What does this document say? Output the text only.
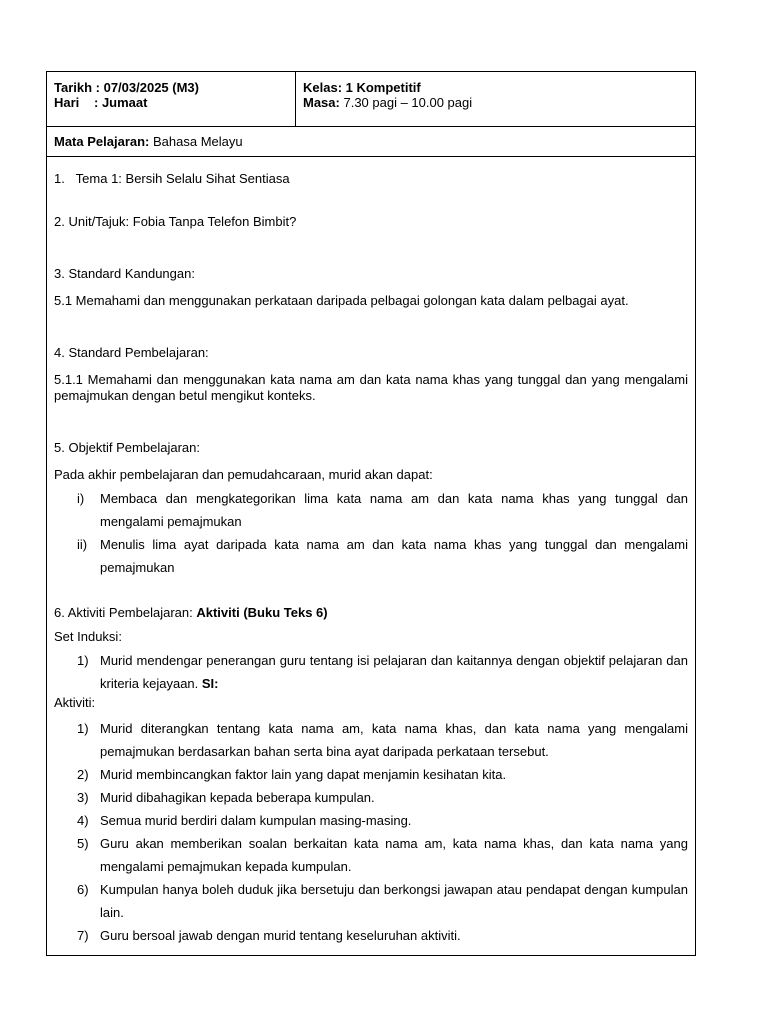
Tarikh : 07/03/2025 (M3)
Hari : Jumaat
Kelas: 1 Kompetitif
Masa: 7.30 pagi – 10.00 pagi
Mata Pelajaran: Bahasa Melayu

1.   Tema 1: Bersih Selalu Sihat Sentiasa

2. Unit/Tajuk: Fobia Tanpa Telefon Bimbit?

3. Standard Kandungan:

5.1 Memahami dan menggunakan perkataan daripada pelbagai golongan kata dalam pelbagai ayat.

4. Standard Pembelajaran:

5.1.1 Memahami dan menggunakan kata nama am dan kata nama khas yang tunggal dan yang mengalami pemajmukan dengan betul mengikut konteks.

5. Objektif Pembelajaran:

Pada akhir pembelajaran dan pemudahcaraan, murid akan dapat:

i)	Membaca dan mengkategorikan lima kata nama am dan kata nama khas yang tunggal dan mengalami pemajmukan
ii) Menulis lima ayat daripada kata nama am dan kata nama khas yang tunggal dan mengalami pemajmukan

6. Aktiviti Pembelajaran: Aktiviti (Buku Teks 6)

Set Induksi:

1) Murid mendengar penerangan guru tentang isi pelajaran dan kaitannya dengan objektif pelajaran dan kriteria kejayaan. SI:

Aktiviti:

1) Murid diterangkan tentang kata nama am, kata nama khas, dan kata nama yang mengalami pemajmukan berdasarkan bahan serta bina ayat daripada perkataan tersebut.
2) Murid membincangkan faktor lain yang dapat menjamin kesihatan kita.
3) Murid dibahagikan kepada beberapa kumpulan.
4) Semua murid berdiri dalam kumpulan masing-masing.
5) Guru akan memberikan soalan berkaitan kata nama am, kata nama khas, dan kata nama yang mengalami pemajmukan kepada kumpulan.
6) Kumpulan hanya boleh duduk jika bersetuju dan berkongsi jawapan atau pendapat dengan kumpulan lain.
7) Guru bersoal jawab dengan murid tentang keseluruhan aktiviti.
